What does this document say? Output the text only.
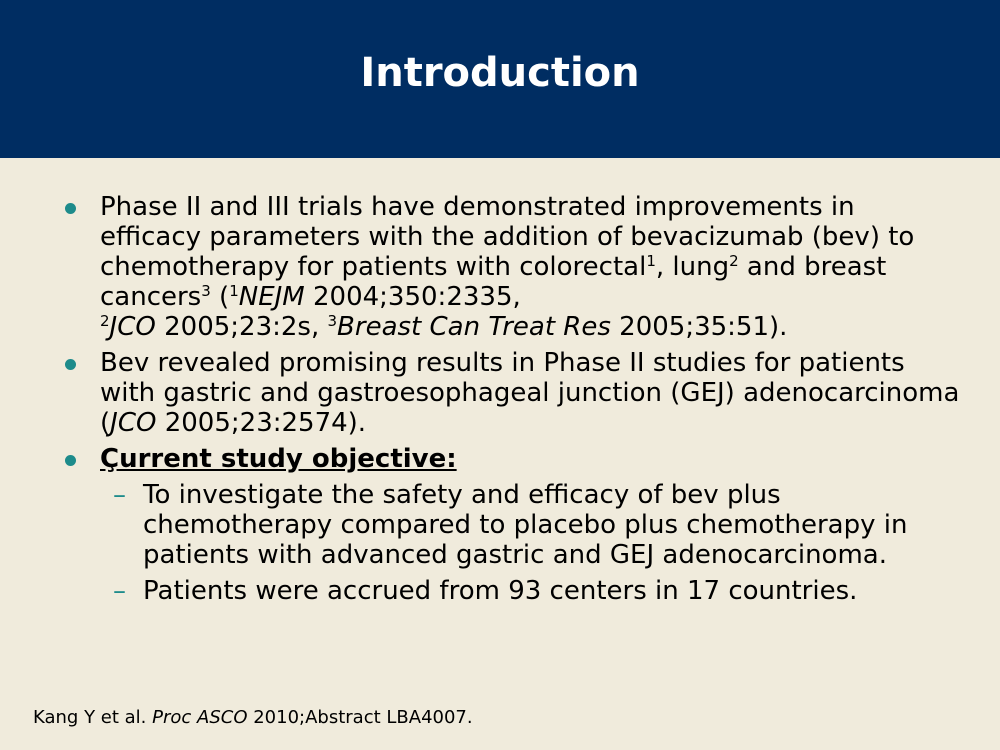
Introduction
Phase II and III trials have demonstrated improvements in efficacy parameters with the addition of bevacizumab (bev) to chemotherapy for patients with colorectal$^1$, lung$^2$ and breast cancers$^3$ ($^1$NEJM 2004;350:2335,
$^2$JCO 2005;23:2s, $^3$Breast Can Treat Res 2005;35:51).
Bev revealed promising results in Phase II studies for patients with gastric and gastroesophageal junction (GEJ) adenocarcinoma (JCO 2005;23:2574).
Çurrent study objective:
– To investigate the safety and efficacy of bev plus chemotherapy compared to placebo plus chemotherapy in patients with advanced gastric and GEJ adenocarcinoma.
– Patients were accrued from 93 centers in 17 countries.
Kang Y et al. Proc ASCO 2010;Abstract LBA4007.
